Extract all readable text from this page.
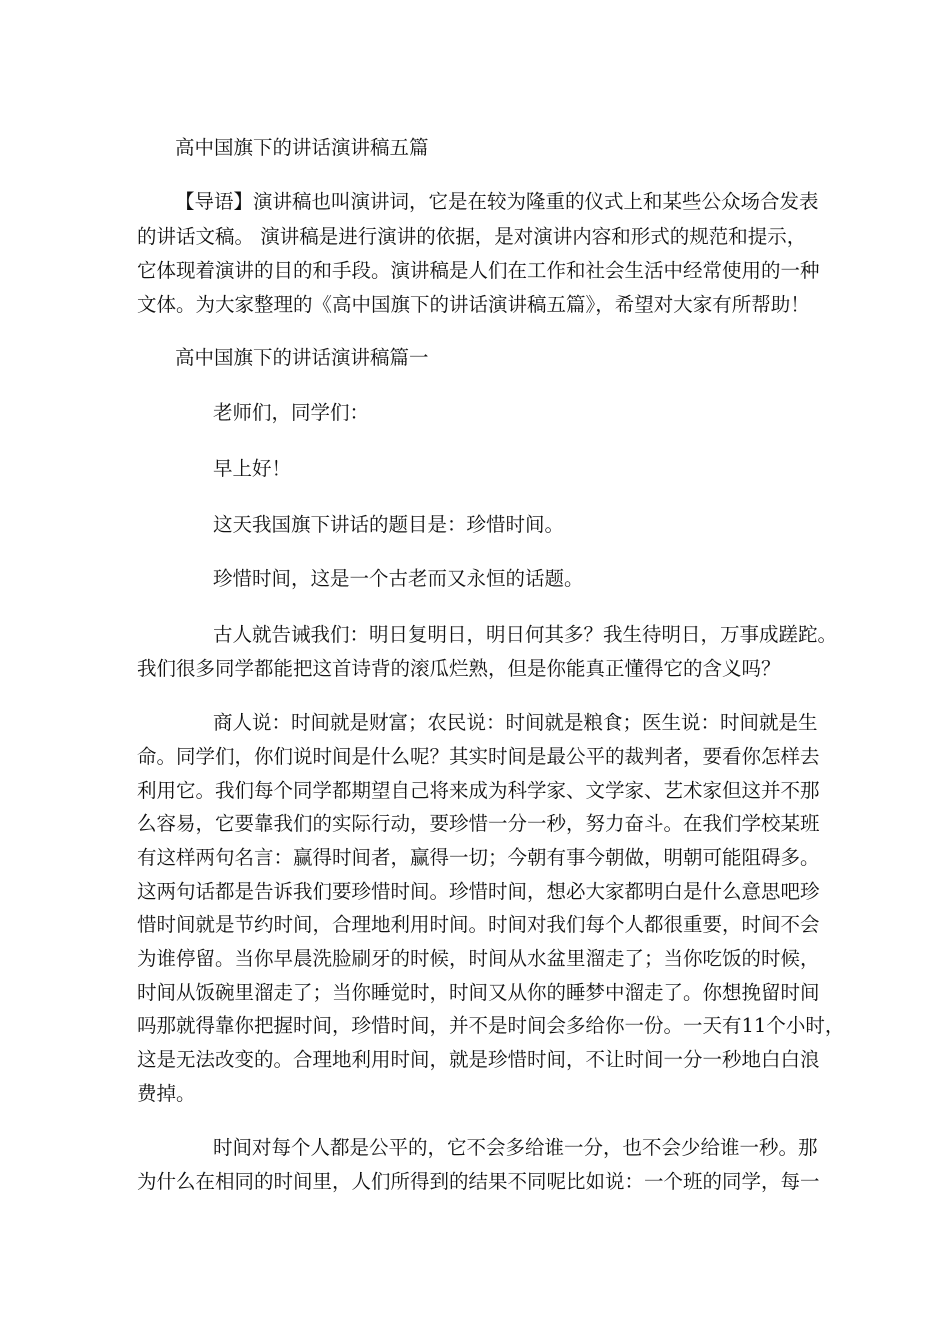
高中国旗下的讲话演讲稿五篇
【导语】演讲稿也叫演讲词，它是在较为隆重的仪式上和某些公众场合发表
的讲话文稿。 演讲稿是进行演讲的依据，是对演讲内容和形式的规范和提示，
它体现着演讲的目的和手段。演讲稿是人们在工作和社会生活中经常使用的一种
文体。为大家整理的《高中国旗下的讲话演讲稿五篇》，希望对大家有所帮助！
高中国旗下的讲话演讲稿篇一
老师们，同学们：
早上好！
这天我国旗下讲话的题目是：珍惜时间。
珍惜时间，这是一个古老而又永恒的话题。
古人就告诫我们：明日复明日，明日何其多？我生待明日，万事成蹉跎。
我们很多同学都能把这首诗背的滚瓜烂熟，但是你能真正懂得它的含义吗？
商人说：时间就是财富；农民说：时间就是粮食；医生说：时间就是生
命。同学们，你们说时间是什么呢？其实时间是最公平的裁判者，要看你怎样去
利用它。我们每个同学都期望自己将来成为科学家、文学家、艺术家但这并不那
么容易，它要靠我们的实际行动，要珍惜一分一秒，努力奋斗。在我们学校某班
有这样两句名言：赢得时间者，赢得一切；今朝有事今朝做，明朝可能阻碍多。
这两句话都是告诉我们要珍惜时间。珍惜时间，想必大家都明白是什么意思吧珍
惜时间就是节约时间，合理地利用时间。时间对我们每个人都很重要，时间不会
为谁停留。当你早晨洗脸刷牙的时候，时间从水盆里溜走了；当你吃饭的时候，
时间从饭碗里溜走了；当你睡觉时，时间又从你的睡梦中溜走了。你想挽留时间
吗那就得靠你把握时间，珍惜时间，并不是时间会多给你一份。一天有11个小时，
这是无法改变的。合理地利用时间，就是珍惜时间，不让时间一分一秒地白白浪
费掉。
时间对每个人都是公平的，它不会多给谁一分，也不会少给谁一秒。那
为什么在相同的时间里，人们所得到的结果不同呢比如说：一个班的同学，每一
